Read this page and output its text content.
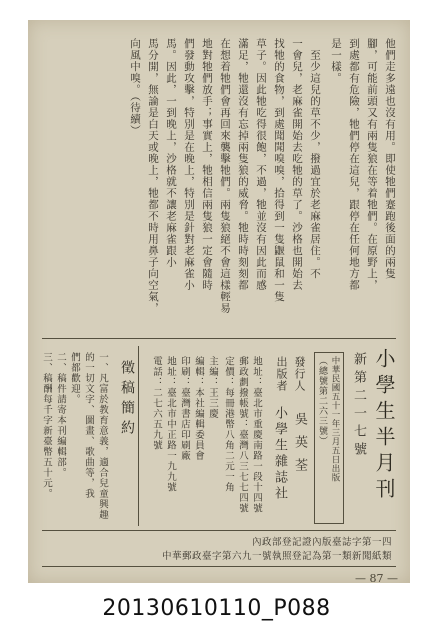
他們走多遠也沒有用。即使牠們蹇跑後面的兩隻
腳，可能前頭又有兩隻狼在等着牠們。在原野上，
到處都有危險，牠們停在這兒，跟停在任何地方都
是一樣。
　至少這兒的草不少，撥過宜於老麻雀居住。不
一會兒，老麻雀開始去吃牠的草了。沙格也開始去
找牠的食物，到處聞聞嗅嗅，拾得到一隻鼴鼠和一隻
草子。因此牠吃得很飽，不過，牠並沒有因此而感
滿足，牠還沒有忘掉兩隻狼的威脅。牠時時刻刻都
在想着牠們會再回來襲擊牠們。兩隻狼絕不會這樣輕易
地對牠們放手；事實上，牠相信兩隻狼一定會隨時
們發動攻擊，特別是在晚上，特別是針對老麻雀小
馬。因此，一到晚上，沙格就不讓老麻雀跟小
馬分開，無論是白天或晚上，牠都不時用鼻子向空氣，
向風中嗅。（待續）
小學生半月刊
新第二一七號
中華民國五十一年三月五日出版
（總號第二六三號）
發行人
吳英荃
出版者
小學生雜誌社
地址：臺北市重慶南路一段十四號
郵政劃撥帳號：臺灣八三七七四號
定價：每冊港幣八角二元一角
主編：王三慶
編輯：本社編輯委員會
印刷：臺灣書店印刷廠
地址：臺北市中正路一九九號
電話：二七六五九號
徵稿簡約
一、凡富於教育意義，適合兒童興趣
的一切文字、圖畫、歌曲等，我
們都歡迎。
二、稿件請寄本刊編輯部。
三、稿酬每千字新臺幣五十元。
內政部登記證內版臺誌字第一四
中華郵政臺字第六九一號執照登記為第一類新聞紙類
— 87 —
20130610110_P088
